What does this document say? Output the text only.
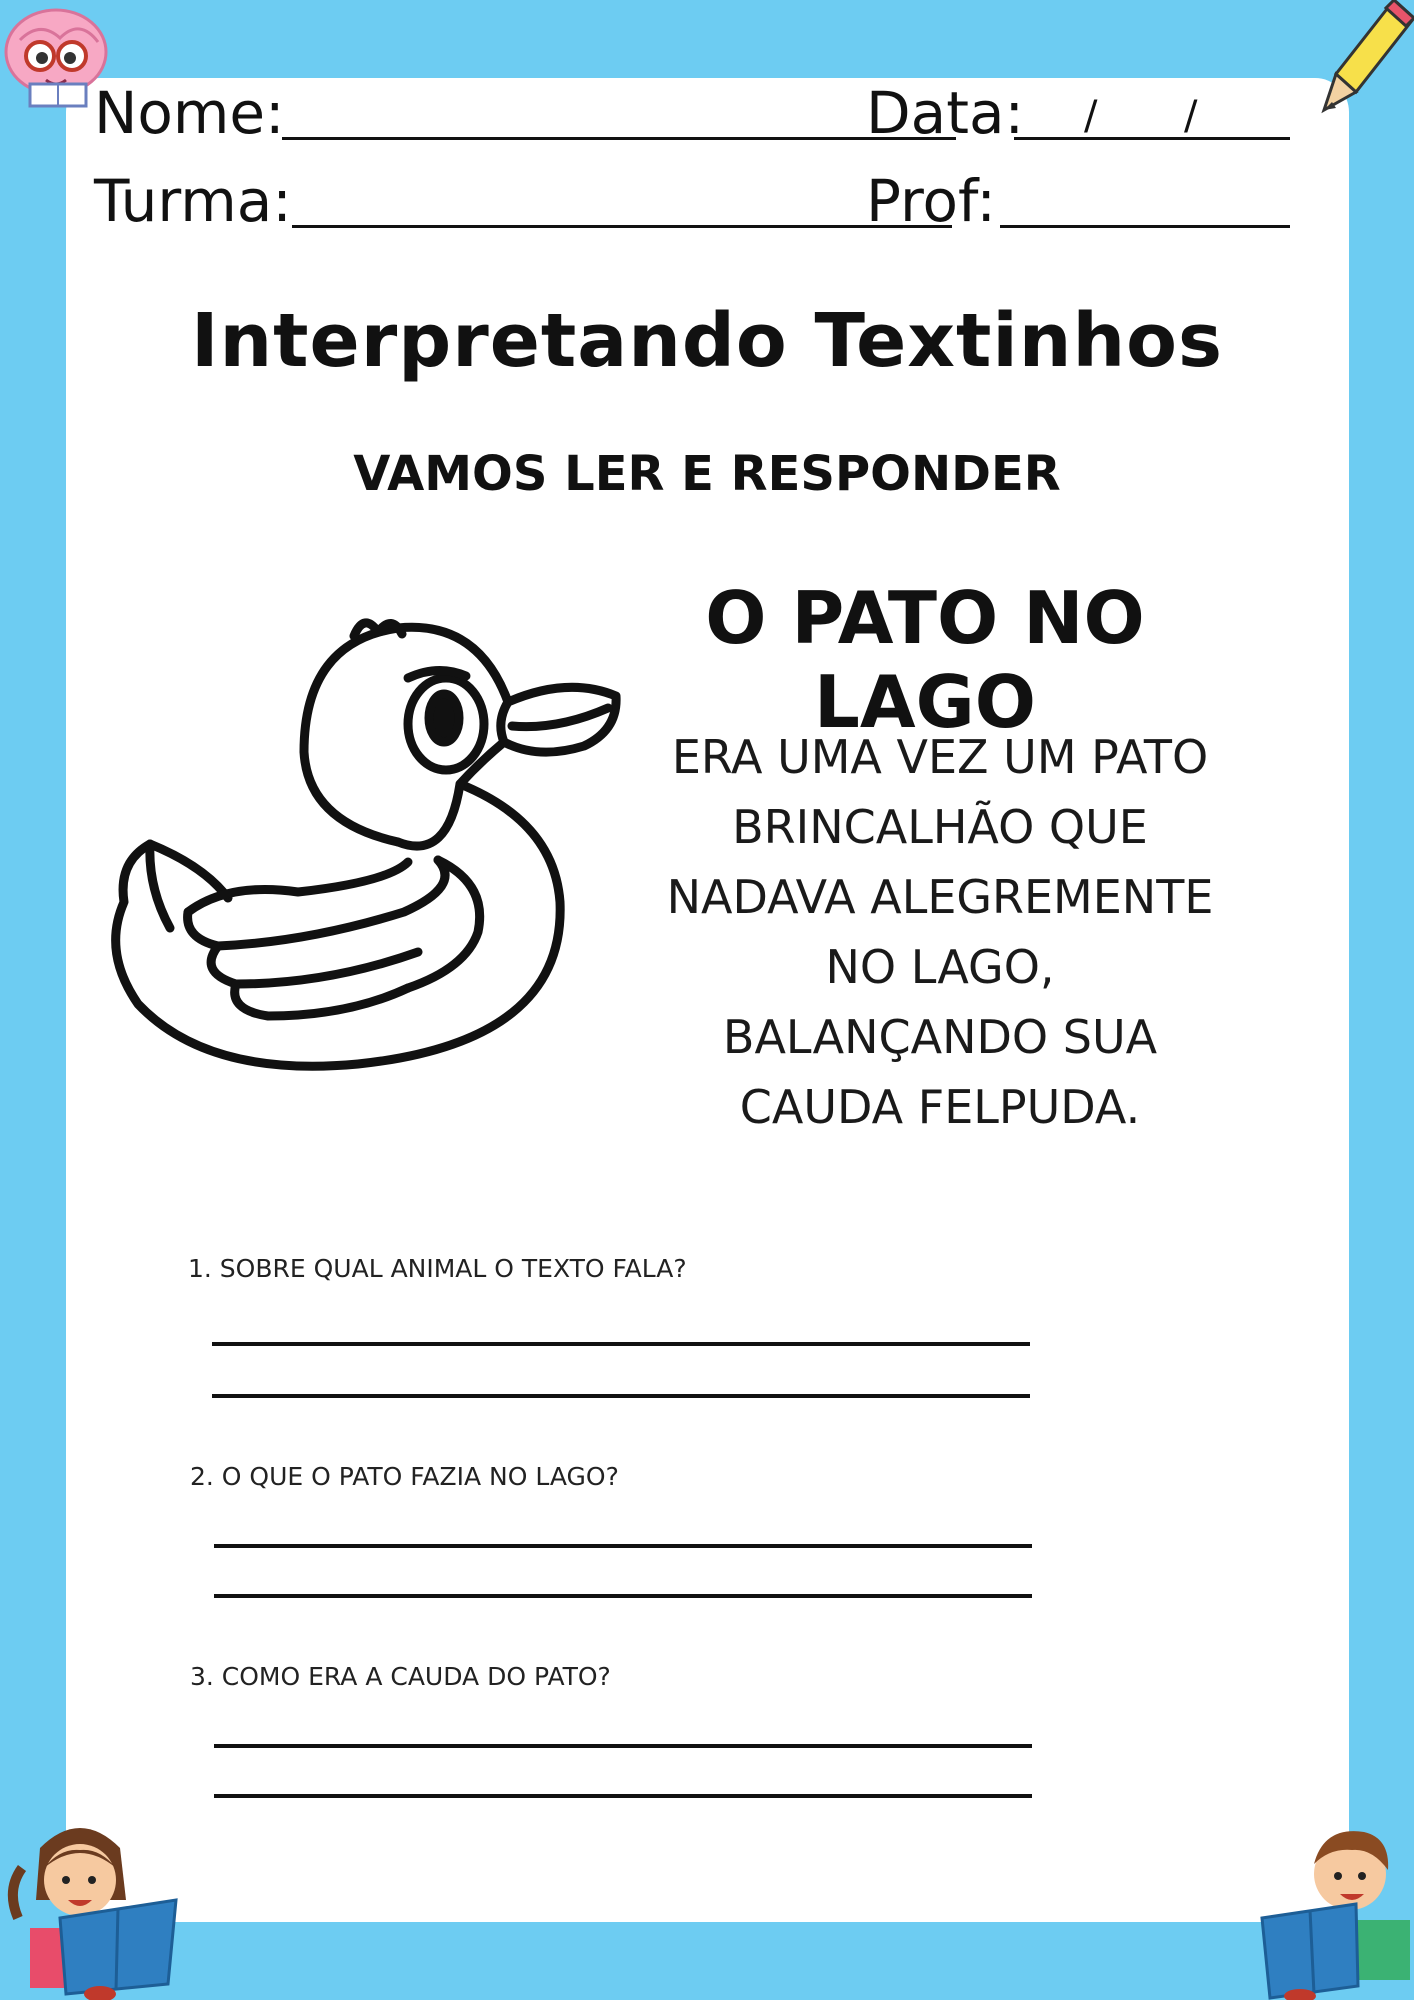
Nome:	Data: / /
Turma:	Prof:
Interpretando Textinhos
VAMOS LER E RESPONDER
O PATO NO LAGO
ERA UMA VEZ UM PATO
BRINCALHÃO QUE
NADAVA ALEGREMENTE
NO LAGO,
BALANÇANDO SUA
CAUDA FELPUDA.
1. SOBRE QUAL ANIMAL O TEXTO FALA?
2. O QUE O PATO FAZIA NO LAGO?
3. COMO ERA A CAUDA DO PATO?
